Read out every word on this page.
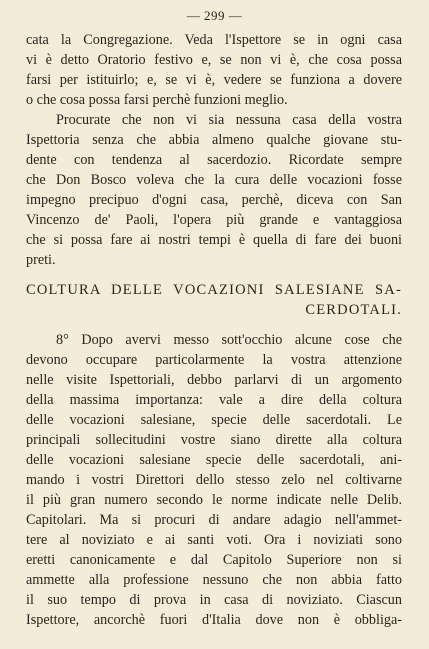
— 299 —
cata la Congregazione. Veda l'Ispettore se in ogni casa
vi è detto Oratorio festivo e, se non vi è, che cosa possa
farsi per istituirlo; e, se vi è, vedere se funziona a dovere
o che cosa possa farsi perchè funzioni meglio.
Procurate che non vi sia nessuna casa della vostra
Ispettoria senza che abbia almeno qualche giovane stu-
dente con tendenza al sacerdozio. Ricordate sempre
che Don Bosco voleva che la cura delle vocazioni fosse
impegno precipuo d'ogni casa, perchè, diceva con San
Vincenzo de' Paoli, l'opera più grande e vantaggiosa
che si possa fare ai nostri tempi è quella di fare dei buoni
preti.
COLTURA DELLE VOCAZIONI SALESIANE SA-
CERDOTALI.
8° Dopo avervi messo sott'occhio alcune cose che
devono occupare particolarmente la vostra attenzione
nelle visite Ispettoriali, debbo parlarvi di un argomento
della massima importanza: vale a dire della coltura
delle vocazioni salesiane, specie delle sacerdotali. Le
principali sollecitudini vostre siano dirette alla coltura
delle vocazioni salesiane specie delle sacerdotali, ani-
mando i vostri Direttori dello stesso zelo nel coltivarne
il più gran numero secondo le norme indicate nelle Delib.
Capitolari. Ma si procuri di andare adagio nell'ammet-
tere al noviziato e ai santi voti. Ora i noviziati sono
eretti canonicamente e dal Capitolo Superiore non si
ammette alla professione nessuno che non abbia fatto
il suo tempo di prova in casa di noviziato. Ciascun
Ispettore, ancorchè fuori d'Italia dove non è obbliga-
